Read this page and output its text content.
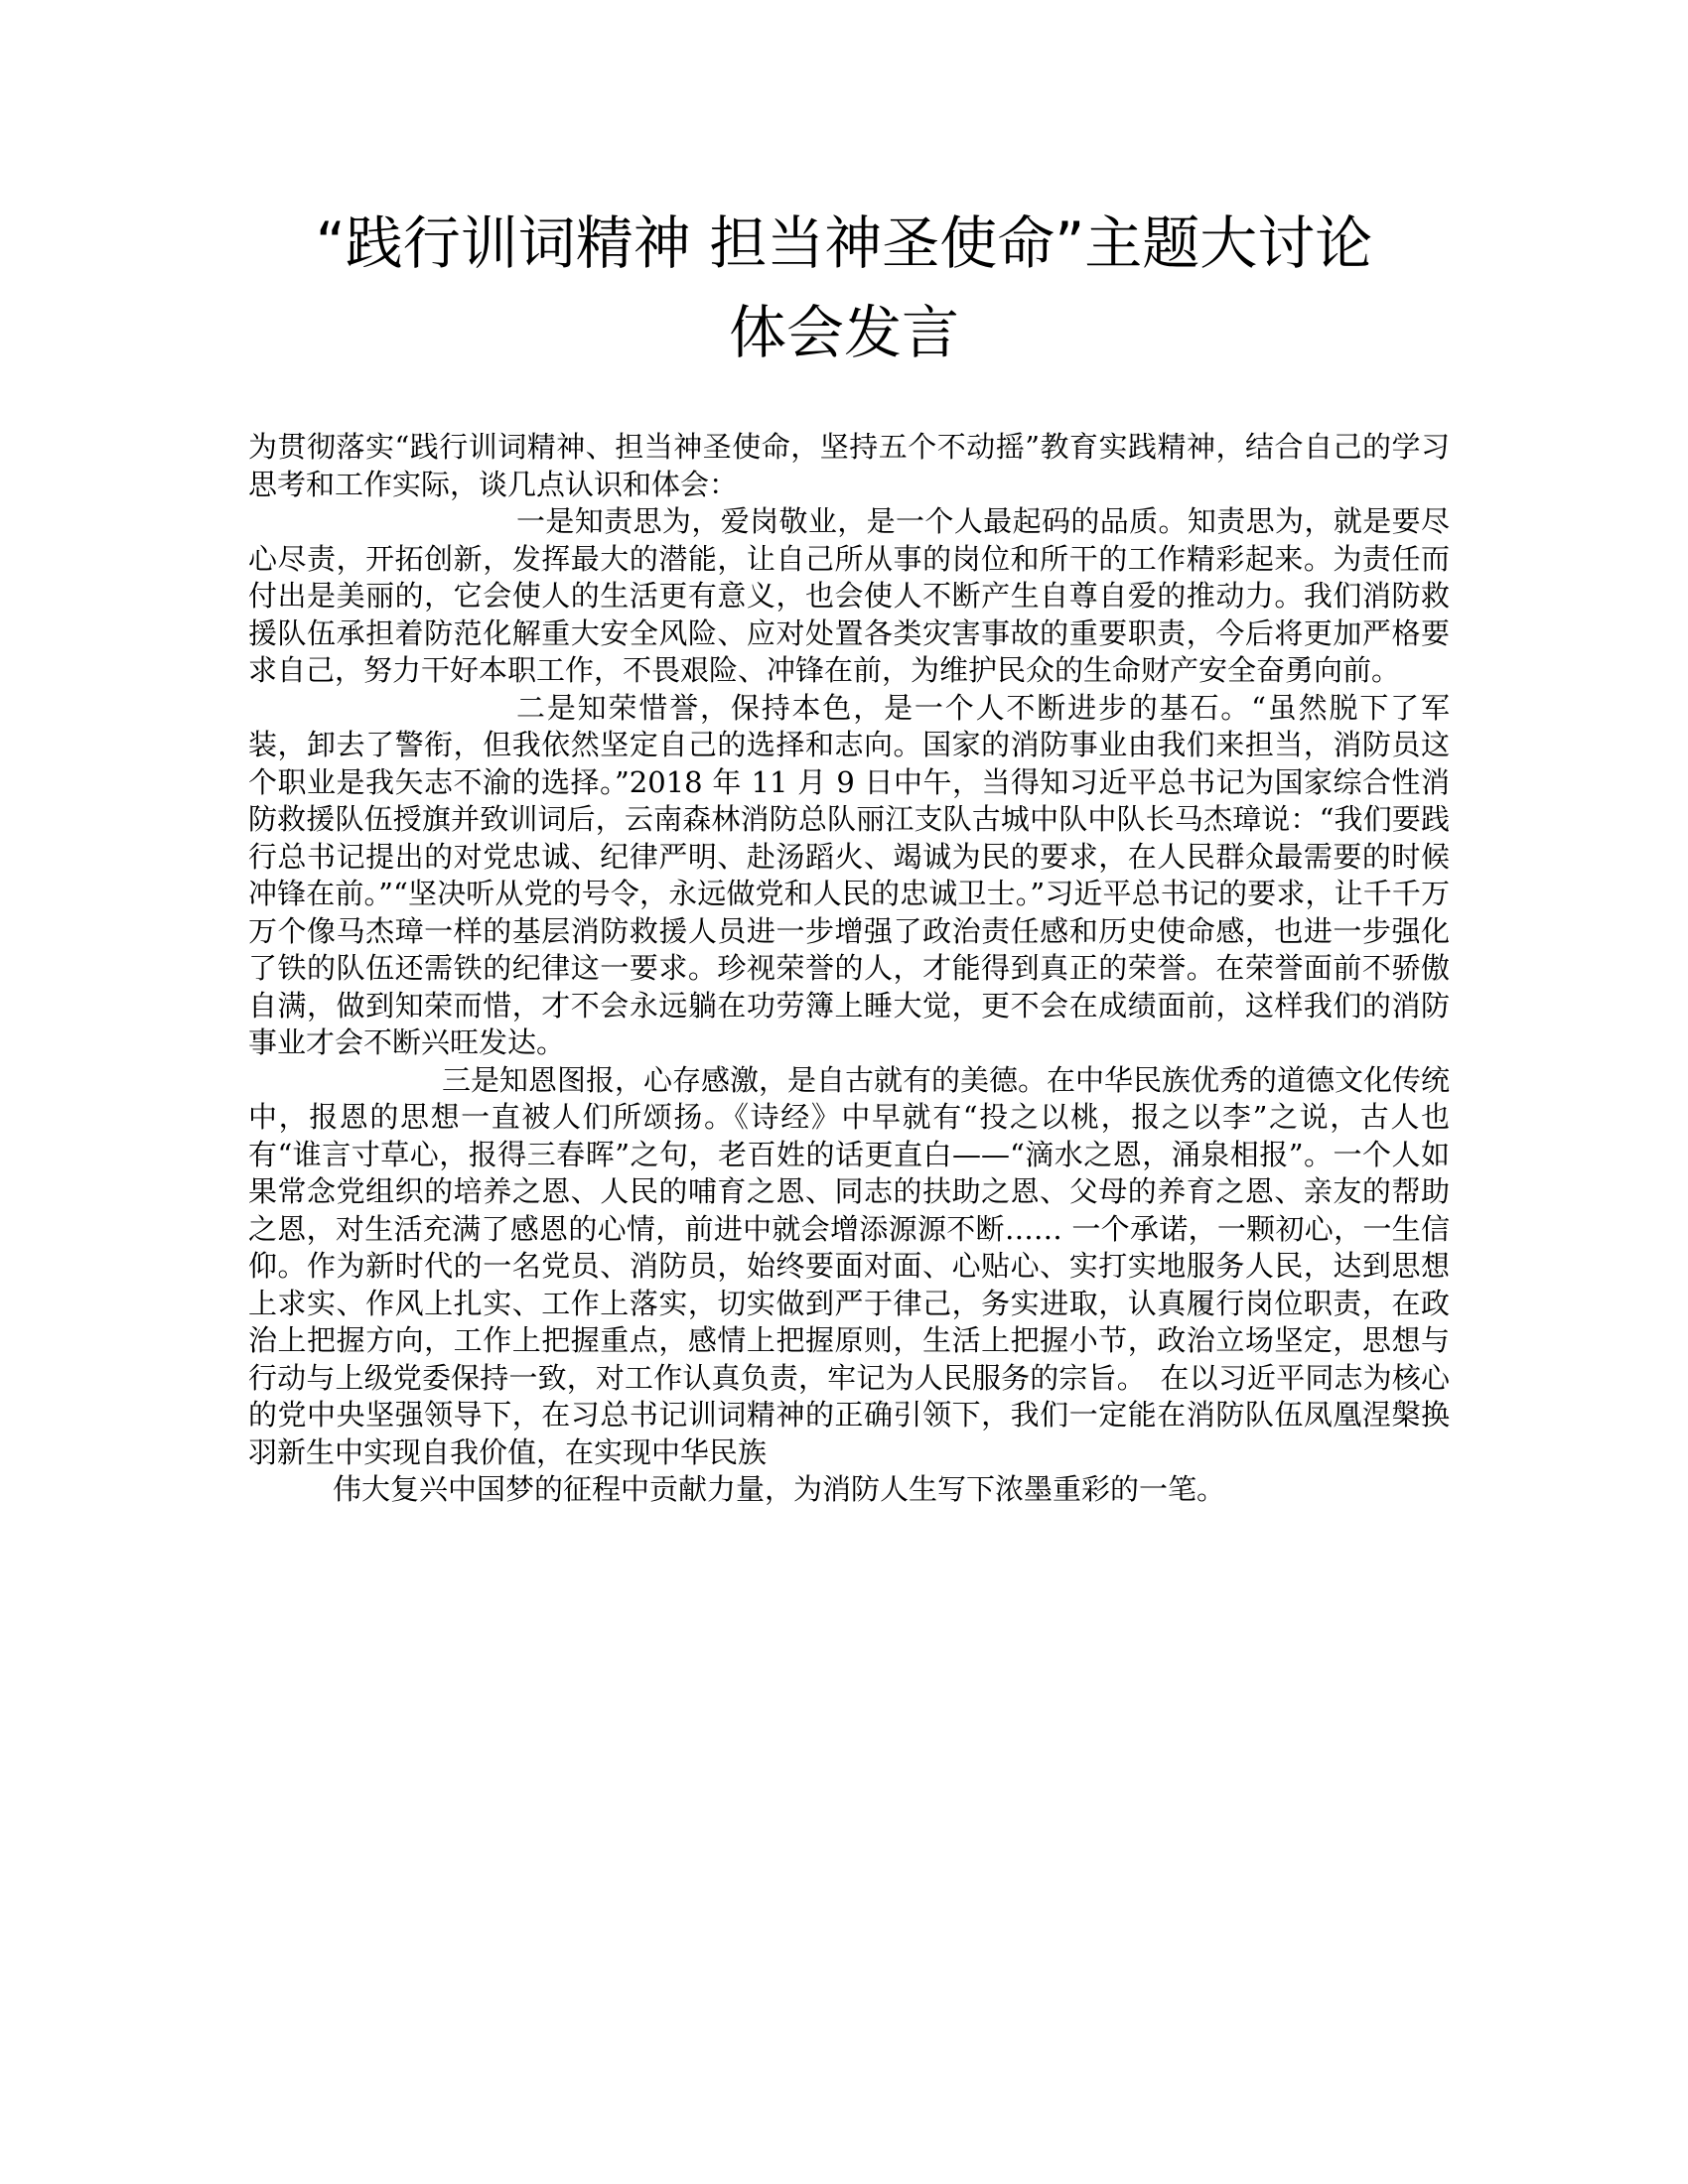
“践行训词精神 担当神圣使命”主题大讨论
体会发言

为贯彻落实“践行训词精神、担当神圣使命，坚持五个不动摇”教育实践精神，结合自己的学习思考和工作实际，谈几点认识和体会：

一是知责思为，爱岗敬业，是一个人最起码的品质。知责思为，就是要尽心尽责，开拓创新，发挥最大的潜能，让自己所从事的岗位和所干的工作精彩起来。为责任而付出是美丽的，它会使人的生活更有意义，也会使人不断产生自尊自爱的推动力。我们消防救援队伍承担着防范化解重大安全风险、应对处置各类灾害事故的重要职责，今后将更加严格要求自己，努力干好本职工作，不畏艰险、冲锋在前，为维护民众的生命财产安全奋勇向前。

二是知荣惜誉，保持本色，是一个人不断进步的基石。“虽然脱下了军装，卸去了警衔，但我依然坚定自己的选择和志向。国家的消防事业由我们来担当，消防员这个职业是我矢志不渝的选择。”2018 年 11 月 9 日中午，当得知习近平总书记为国家综合性消防救援队伍授旗并致训词后，云南森林消防总队丽江支队古城中队中队长马杰璋说：“我们要践行总书记提出的对党忠诚、纪律严明、赴汤蹈火、竭诚为民的要求，在人民群众最需要的时候冲锋在前。”“坚决听从党的号令，永远做党和人民的忠诚卫士。”习近平总书记的要求，让千千万万个像马杰璋一样的基层消防救援人员进一步增强了政治责任感和历史使命感，也进一步强化了铁的队伍还需铁的纪律这一要求。珍视荣誉的人，才能得到真正的荣誉。在荣誉面前不骄傲自满，做到知荣而惜，才不会永远躺在功劳簿上睡大觉，更不会在成绩面前，这样我们的消防事业才会不断兴旺发达。

三是知恩图报，心存感激，是自古就有的美德。在中华民族优秀的道德文化传统中，报恩的思想一直被人们所颂扬。《诗经》中早就有“投之以桃，报之以李”之说，古人也有“谁言寸草心，报得三春晖”之句，老百姓的话更直白——“滴水之恩，涌泉相报”。一个人如果常念党组织的培养之恩、人民的哺育之恩、同志的扶助之恩、父母的养育之恩、亲友的帮助之恩，对生活充满了感恩的心情，前进中就会增添源源不断…… 一个承诺，一颗初心，一生信仰。作为新时代的一名党员、消防员，始终要面对面、心贴心、实打实地服务人民，达到思想上求实、作风上扎实、工作上落实，切实做到严于律己，务实进取，认真履行岗位职责，在政治上把握方向，工作上把握重点，感情上把握原则，生活上把握小节，政治立场坚定，思想与行动与上级党委保持一致，对工作认真负责，牢记为人民服务的宗旨。　在以习近平同志为核心的党中央坚强领导下，在习总书记训词精神的正确引领下，我们一定能在消防队伍凤凰涅槃换羽新生中实现自我价值，在实现中华民族

伟大复兴中国梦的征程中贡献力量，为消防人生写下浓墨重彩的一笔。
